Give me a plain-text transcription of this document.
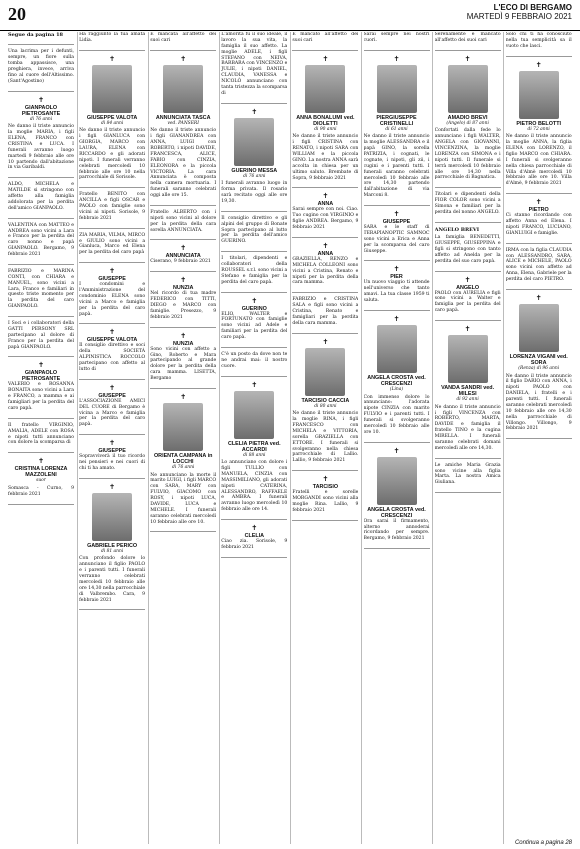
20	L'ECO DI BERGAMO
MARTEDÌ 9 FEBBRAIO 2021
Segue da pagina 18

Una lacrima per i defunti, sempre, un fiore sulla tomba appassisce, una preghiera, invece, arriva fino al cuore dell'Altissimo. (Sant'Agostino)

✝
GIANPAOLO PIETROSANTE
di 76 anni

Ne danno il triste annuncio la moglie MARIA, i figli ELENA, FRANCO con CRISTINA e LUCA. I funerali avranno luogo martedì 9 febbraio alle ore 10 partendo dall'abitazione in via Garibaldi.

ALDO, MICHELA e MATILDE si stringono con affetto alla famiglia addolorata per la perdita dell'amico GIANPAOLO.

VALENTINA con MATTEO e ANDREA sono vicini a Lara e Franco per la perdita del caro nonno e papà GIANPAOLO. Bergamo, 9 febbraio 2021

FABRIZIO e MARINA CONTI, con CHIARA e MANUEL, sono vicini a Lara, Franco e familiari in questo triste momento per la perdita del caro GIANPAOLO.

I Soci e i collaboratori della GATTI PERSONY SRL partecipano al dolore di Franco per la perdita del papà GIANPAOLO.

✝
GIANPAOLO PIETROSANTE

VALERIO e ROSANNA BONAITA sono vicini a Lara e FRANCO, a mamma e ai famigliari per la perdita del caro papà.

Il fratello VIRGINIO, AMALIA, ADELE con ROSA e nipoti tutti annunciano con dolore la scomparsa di

✝
CRISTINA LORENZA MAZZOLENI
suor

Somasca - Curno, 9 febbraio 2021

Ha raggiunto la tua amata Lidia.

✝
GIUSEPPE VALOTA
di 84 anni

Ne danno il triste annuncio i figli GIANLUCA con GIORGIA, MARCO con LAURA, ELENA con RICCARDO e gli adorati nipoti. I funerali verranno celebrati mercoledì 10 febbraio alle ore 10 nella parrocchiale di Sorisole.

Fratello BENITO con ANCILLA e figli OSCAR e PAOLO con famiglie sono vicini ai nipoti. Sorisole, 9 febbraio 2021

ZIA MARIA, VILMA, MIRCO e GIULIO sono vicini a Gianluca, Marco ed Elena per la perdita del caro papà

✝
GIUSEPPE

I condomini e l'Amministrazione del condominio ELENA sono vicini a Marco e famiglia per la perdita del caro papà.

✝
GIUSEPPE VALOTA

Il consiglio direttivo e soci della SOCIETÀ ALPINISTICA ROCCOLO partecipano con affetto al lutto di

✝
GIUSEPPE

L'ASSOCIAZIONE AMICI DEL CUORE di Bergamo è vicina a Marco e famiglia per la perdita del caro papà.

✝
GIUSEPPE

Sopravviverà il tuo ricordo nei pensieri e nei cuori di chi ti ha amato.

✝
GABRIELE PERICO
di 81 anni

Con profondo dolore lo annunciano il figlio PAOLO e i parenti tutti. I funerali verranno celebrati mercoledì 10 febbraio alle ore 14,30 nella parrocchiale di Valbrembo. Cara, 9 febbraio 2021

È mancata all'affetto dei suoi cari

✝
ANNUNCIATA TASCA
ved. PANSERI

Ne danno il triste annuncio i figli GIANANDREA con ANNA, LUIGI con ROBERTO, i nipoti DAVIDE, FRANCESCA, ALICE, FABIO con CINZIA, ELEONORA e la piccola VICTORIA. La cara Annunciata è composta nella camera mortuaria. I funerali saranno celebrati oggi alle ore 15.

Fratello ALBERTO con i nipoti sono vicini al dolore per la perdita della cara sorella ANNUNCIATA.

✝
ANNUNCIATA

Ciserano, 9 febbraio 2021

✝
NUNZIA

Nel ricordo di tua madre FEDERICO con TITTI, DIEGO e MARCO con famiglie. Presezzo, 9 febbraio 2021

✝
NUNZIA

Sono vicini con affetto a Gino, Roberto e Mara partecipando al grande dolore per la perdita della cara mamma. LISETTA, Bergamo

✝
ORIENTA CAMPANA in LOCCHI
di 76 anni

Ne annunciano la morte il marito LUIGI, i figli MARCO con SARA, MARY con FULVIO, GIACOMO con ROSY, i nipoti LUCA, DAVIDE, LUCA e MICHELE. I funerali saranno celebrati mercoledì 10 febbraio alle ore 10.

L'amorità fu il suo ideale, il lavoro la sua vita, la famiglia il suo affetto. La moglie ADELE, i figli STEFANO con NEIVA, BARBARA con VINCENZO e JULIE, i nipoti DANIEL, CLAUDIA, VANESSA e NICOLÒ annunciano con tanta tristezza la scomparsa di

✝
GUERINO MESSA
di 76 anni

I funerali avranno luogo in forma privata. Il rosario sarà recitato oggi alle ore 19,30.

Il consiglio direttivo e gli alpini del gruppo di Bonate Sopra partecipano al lutto per la perdita dell'amico GUERINO.

I titolari, dipendenti e collaboratori della ROUSSEL s.r.l. sono vicini a Stefano e famiglia per la perdita del caro papà.

✝
GUERINO

ELIO, WALTER e FORTUNATO con famiglie sono vicini ad Adele e familiari per la perdita del caro papà.

C'è un posto da dove non te ne andrai mai: il nostro cuore.

✝
CLELIA PIETRA ved. ACCARDI
di 88 anni

Lo annunciano con dolore i figli TULLIO con MANUELA, CINZIA con MASSIMILIANO, gli adorati nipoti CATERINA, ALESSANDRO, RAFFAELE e AMBRA. I funerali avranno luogo mercoledì 10 febbraio alle ore 14.

✝
CLELIA

Ciao zia. Sorisole, 9 febbraio 2021

È mancato all'affetto dei suoi cari

✝
ANNA BONALUMI ved. DIOLETTI
di 90 anni

Ne danno il triste annuncio i figli CRISTINA con RENATO, i nipoti SARA con WILLIAM e la piccola GINO. La nostra ANNA sarà accolta in chiesa per un ultimo saluto. Brembate di Sopra, 9 febbraio 2021

✝
ANNA

Sarai sempre con noi. Ciao. Tuo cugino con VIRGINIO e figlie ANDREA. Bergamo, 9 febbraio 2021

✝
ANNA

GRAZIELLA, RENZO e MICHELA COLLEONI sono vicini a Cristina, Renato e nipoti per la perdita della cara mamma.

FABRIZIO e CRISTINA SALA e figli sono vicini a Cristina, Renato e famigliari per la perdita della cara mamma.

✝
TARCISIO CACCIA
di 80 anni

Ne danno il triste annuncio la moglie RINA, i figli FRANCESCO con MICHELA e VITTORIA, sorella GRAZIELLA con ETTORE. I funerali si svolgeranno nella chiesa parrocchiale di Lallio. Lallio, 9 febbraio 2021

✝
TARCISIO

Fratelli e sorelle MORGANDI sono vicini alla moglie Rina. Lallio, 9 febbraio 2021

Sarai sempre nei nostri cuori.

✝
PIERGIUSEPPE CRISTINELLI
di 61 anni

Ne danno il triste annuncio la moglie ALESSANDRA e il papà GINO, la sorella PATRIZIA, i cognati, le cognate, i nipoti, gli zii, i cugini e i parenti tutti. I funerali saranno celebrati mercoledì 10 febbraio alle ore 14,30 partendo dall'abitazione di via Marconi 8.

✝
GIUSEPPE

SARA e le staff di TERAPIANOPTIC SAMNOC sono vicini a Erica e Anna per la scomparsa del caro Giuseppe.

✝
PIER

Un nuovo viaggio ti attende nell'universo che tanto amavi. La tua classe 1959 ti saluta.

✝
ANGELA CROSTA ved. CRESCENZI
(Lina)

Con immenso dolore lo annunciano: l'adorata nipote CINZIA con marito FULVIO e i parenti tutti. I funerali si svolgeranno mercoledì 10 febbraio alle ore 10.

✝
ANGELA CROSTA ved. CRESCENZI

Ora sarai il firmamento, alterno annoderai ricordando per sempre. Bergamo, 9 febbraio 2021

Serenamente è mancato all'affetto dei suoi cari

✝
AMADIO BREVI
(Angelo) di 87 anni

Confortati dalla fede lo annunciano i figli WALTER, ANGELA con GIOVANNI, VINCENZINA, la moglie LORENZA con SIMONA e i nipoti tutti. Il funerale si terrà mercoledì 10 febbraio alle ore 14,30 nella parrocchiale di Bagnatica.

Titolari e dipendenti della FIOR COLOR sono vicini a Simona e familiari per la perdita del nonno ANGELO.

ANGELO BREVI

La famiglia BENEDETTI, GIUSEPPE, GIUSEPPINA e figli si stringono con tanto affetto ad Anelda per la perdita del suo caro papà.

✝
ANGELO

PAOLO con AURELIA e figli sono vicini a Walter e famiglia per la perdita del caro papà.

✝
VANDA SANDRI ved. MILESI
di 92 anni

Ne danno il triste annuncio i figli VINCENZA con ROBERTO, MARTA, DAVIDE e famiglia il fratello TINO e la cugina MIRELLA. I funerali saranno celebrati domani mercoledì alle ore 14,30.

Le amiche Maria Grazia sono vicine alla figlia Marta. La nostra Amica Giuliana.

Solo chi ti ha conosciuto nella tua semplicità sa il vuoto che lasci.

✝
PIETRO BELOTTI
di 72 anni

Ne danno il triste annuncio la moglie ANNA, la figlia ELENA con LORENZO, il figlio MARCO con CHIARA. I funerali si svolgeranno nella chiesa parrocchiale di Villa d'Almè mercoledì 10 febbraio alle ore 10. Villa d'Almè, 9 febbraio 2021

✝
PIETRO

Ci stanno ricordando con affetto Anna ed Elena. I nipoti FRANCO, LUCIANO, GIANLUIGI e famiglie.

IRMA con la figlia CLAUDIA con ALESSANDRO, SARA, ALICE e MICHELE, PAOLO sono vicini con affetto ad Anna, Elena, Gabriele per la perdita del caro PIETRO.

✝
LORENZA VIGANI ved. SORA
(Renza) di 96 anni

Ne danno il triste annuncio il figlio DARIO con ANNA, i nipoti PAOLO con DANIELA, i fratelli e i parenti tutti. I funerali saranno celebrati mercoledì 10 febbraio alle ore 14,30 nella parrocchiale di Villongo. Villongo, 9 febbraio 2021

Continua a pagina 28
